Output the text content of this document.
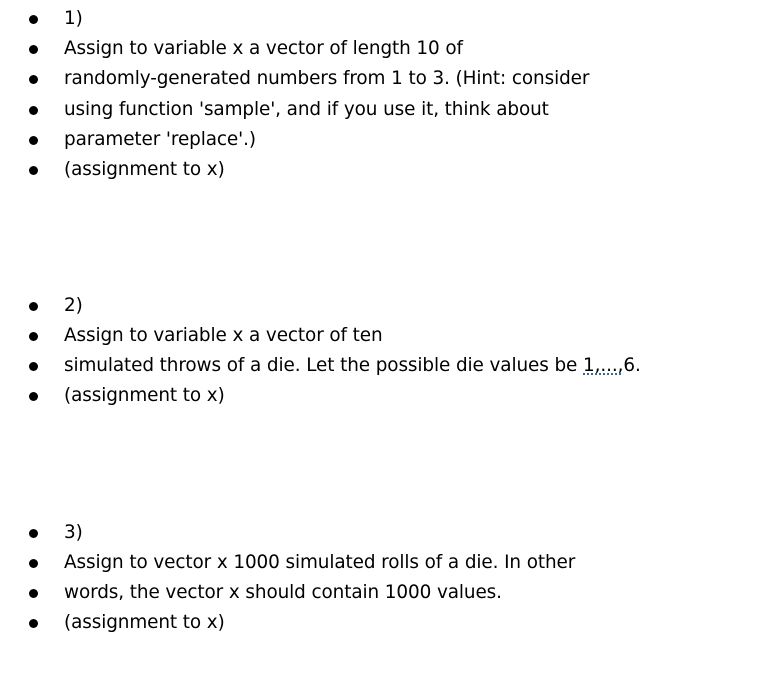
1)
Assign to variable x a vector of length 10 of
randomly-generated numbers from 1 to 3. (Hint: consider
using function 'sample', and if you use it, think about
parameter 'replace'.)
(assignment to x)
2)
Assign to variable x a vector of ten
simulated throws of a die. Let the possible die values be 1,...,6.
(assignment to x)
3)
Assign to vector x 1000 simulated rolls of a die. In other
words, the vector x should contain 1000 values.
(assignment to x)
